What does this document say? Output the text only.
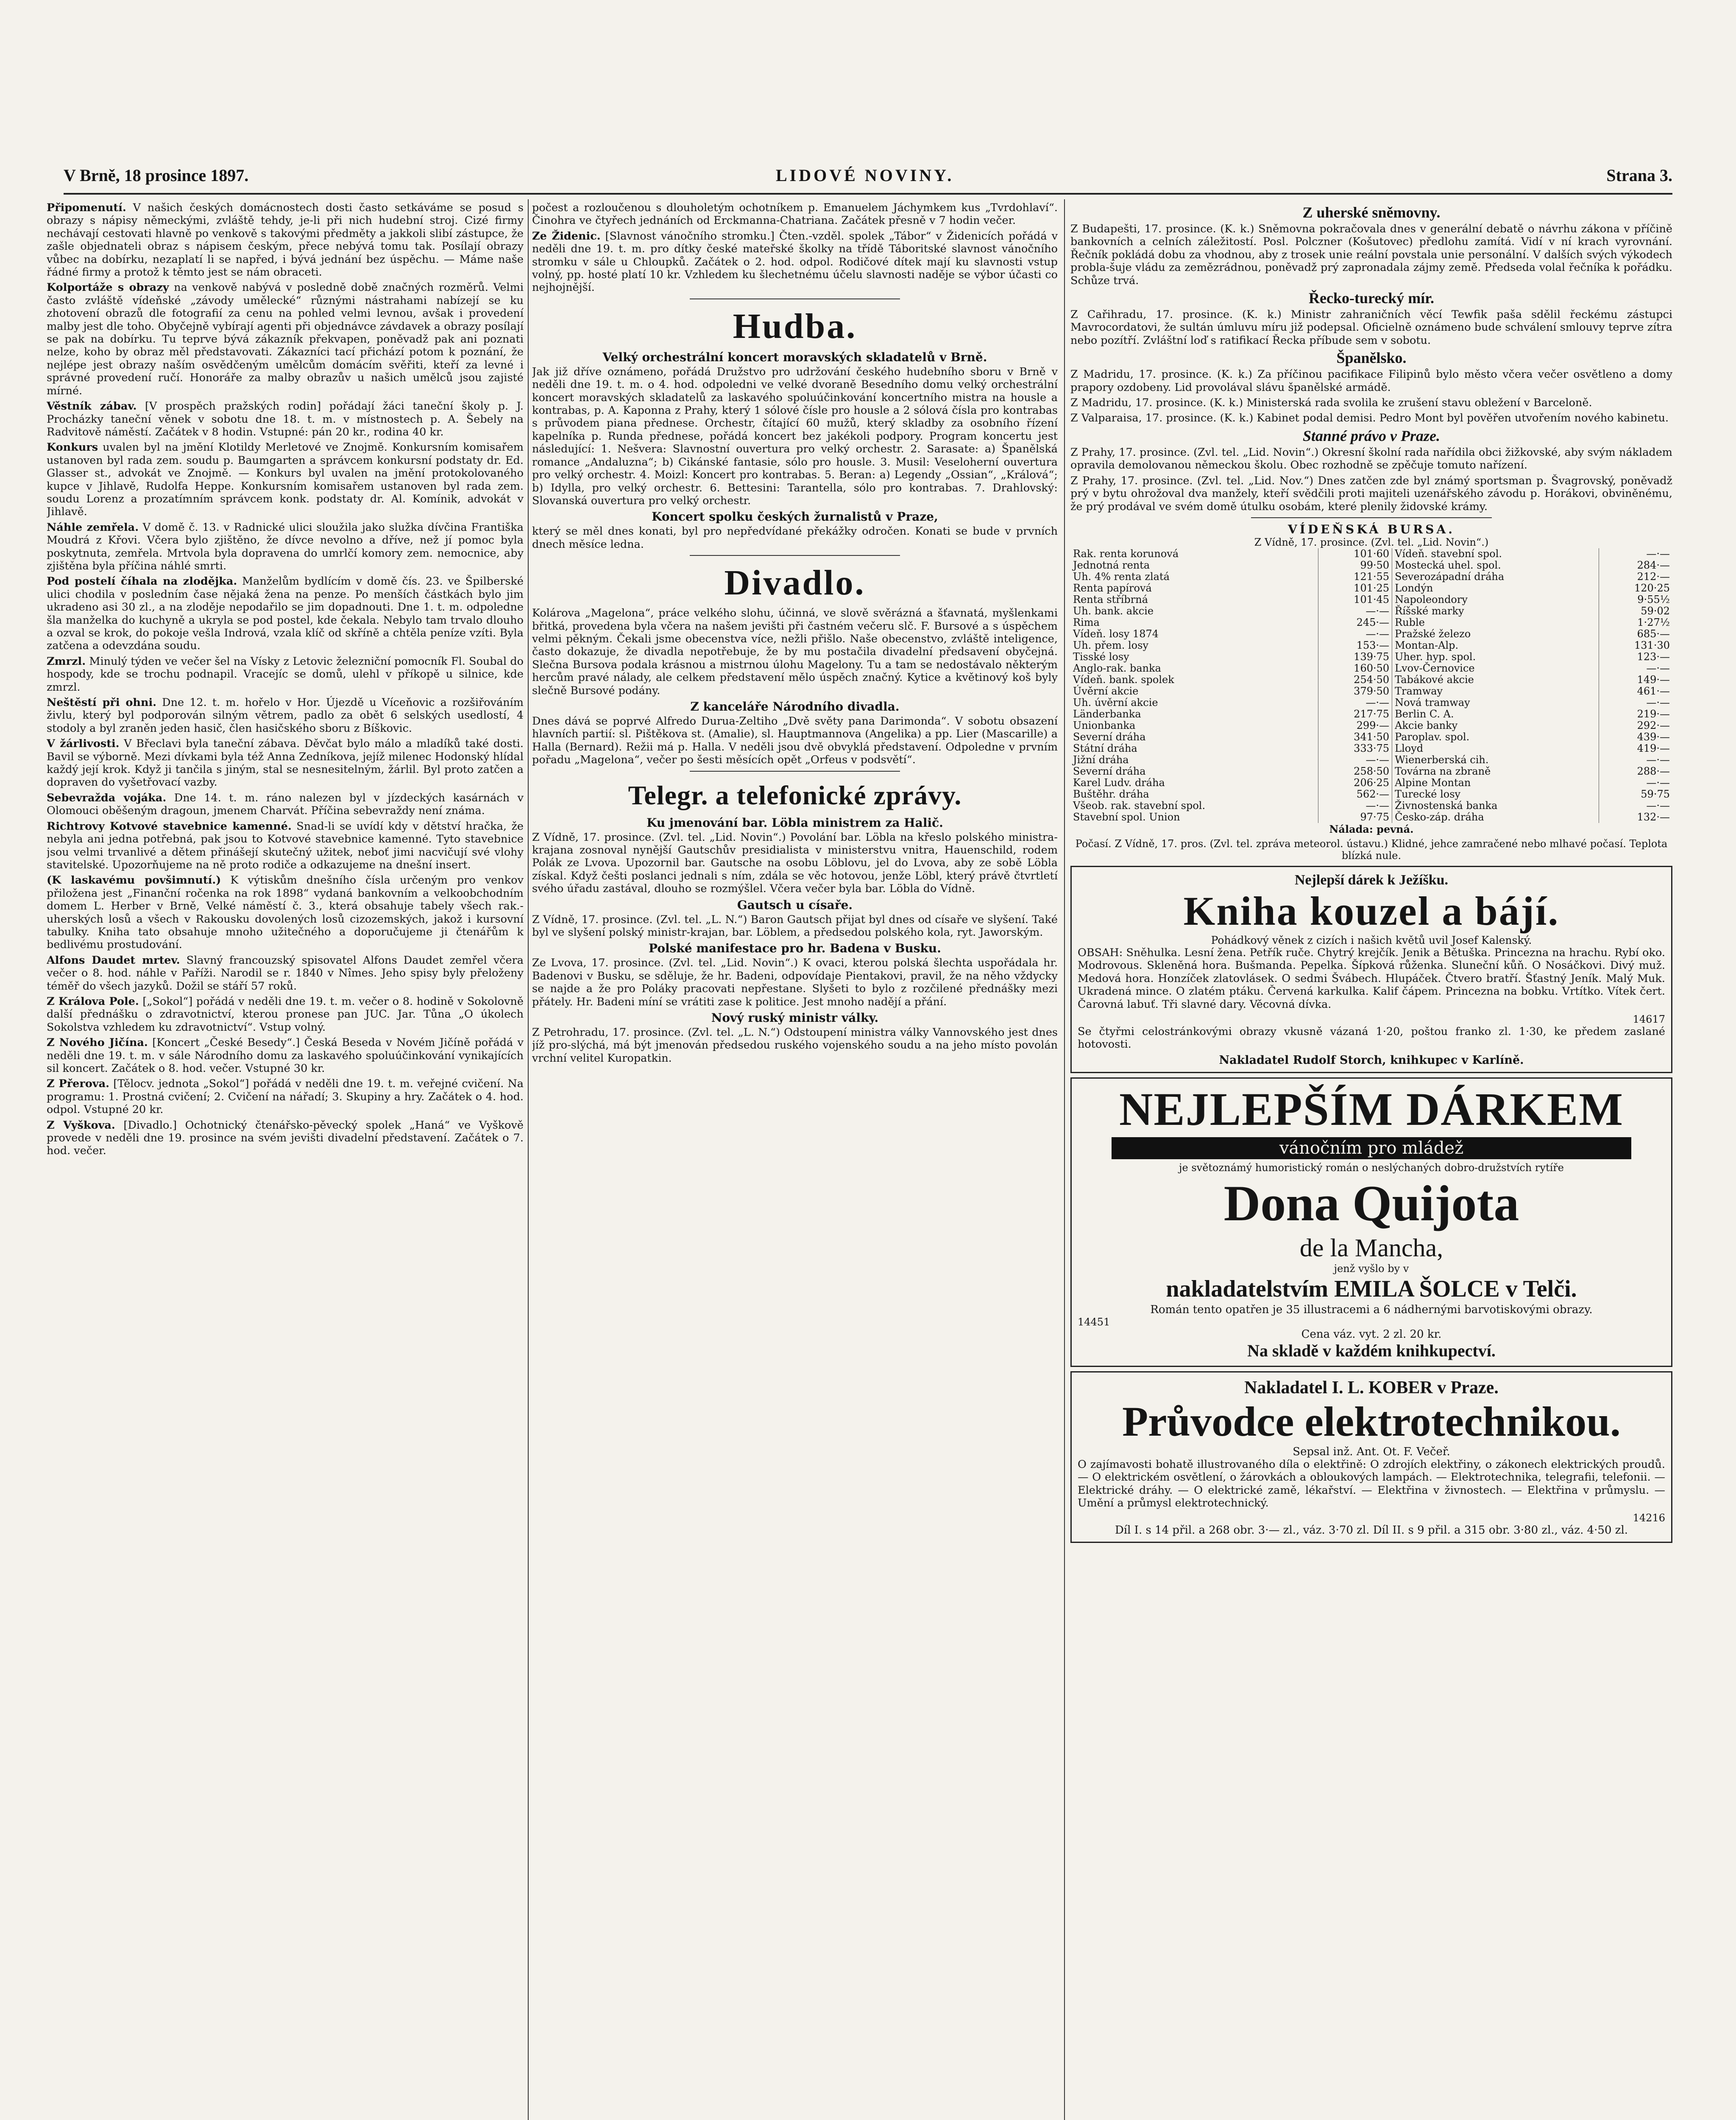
V Brně, 18 prosince 1897.	LIDOVÉ NOVINY.	Strana 3.

Připomenutí. V našich českých domácnostech dosti často setkáváme se posud s obrazy s nápisy německými, zvláště tehdy, je-li při nich hudební stroj. Cizé firmy nechávají cestovati hlavně po venkově s takovými předměty a jakkoli slibí zástupce, že zašle objednateli obraz s nápisem českým, přece nebývá tomu tak. Posílají obrazy vůbec na dobírku, nezaplatí li se napřed, i bývá jednání bez úspěchu. — Máme naše řádné firmy a protož k těmto jest se nám obraceti.

Kolportáže s obrazy na venkově nabývá v posledně době značných rozměrů. Velmi často zvláště vídeňské „závody umělecké“ různými nástrahami nabízejí se ku zhotovení obrazů dle fotografií za cenu na pohled velmi levnou, avšak i provedení malby jest dle toho. Obyčejně vybírají agenti při objednávce závdavek a obrazy posílají se pak na dobírku. Tu teprve bývá zákazník překvapen, poněvadž pak ani poznati nelze, koho by obraz měl představovati. Zákazníci tací přichází potom k poznání, že nejlépe jest obrazy naším osvědčeným umělcům domácím svěřiti, kteří za levné i správné provedení ručí. Honoráře za malby obrazův u našich umělců jsou zajisté mírné.

Věstník zábav. [V prospěch pražských rodin] pořádají žáci taneční školy p. J. Procházky taneční věnek v sobotu dne 18. t. m. v místnostech p. A. Šebely na Radvitově náměstí. Začátek v 8 hodin. Vstupné: pán 20 kr., rodina 40 kr.

Konkurs uvalen byl na jmění Klotildy Merletové ve Znojmě. Konkursním komisařem ustanoven byl rada zem. soudu p. Baumgarten a správcem konkursní podstaty dr. Ed. Glasser st., advokát ve Znojmě. — Konkurs byl uvalen na jmění protokolovaného kupce v Jihlavě, Rudolfa Heppe. Konkursním komisařem ustanoven byl rada zem. soudu Lorenz a prozatímním správcem konk. podstaty dr. Al. Komínik, advokát v Jihlavě.

Náhle zemřela. V domě č. 13. v Radnické ulici sloužila jako služka dívčina Františka Moudrá z Křovi. Včera bylo zjištěno, že dívce nevolno a dříve, než jí pomoc byla poskytnuta, zemřela. Mrtvola byla dopravena do umrlčí komory zem. nemocnice, aby zjištěna byla příčina náhlé smrti.

Pod postelí číhala na zlodějka. Manželům bydlícím v domě čís. 23. ve Špilberské ulici chodila v posledním čase nějaká žena na penze. Po menších částkách bylo jim ukradeno asi 30 zl., a na zloděje nepodařilo se jim dopadnouti. Dne 1. t. m. odpoledne šla manželka do kuchyně a ukryla se pod postel, kde čekala. Nebylo tam trvalo dlouho a ozval se krok, do pokoje vešla Indrová, vzala klíč od skříně a chtěla peníze vzíti. Byla zatčena a odevzdána soudu.

Zmrzl. Minulý týden ve večer šel na Vísky z Letovic železniční pomocník Fl. Soubal do hospody, kde se trochu podnapil. Vracejíc se domů, ulehl v příkopě u silnice, kde zmrzl.

Neštěstí při ohni. Dne 12. t. m. hořelo v Hor. Újezdě u Víceňovic a rozšiřováním živlu, který byl podporován silným větrem, padlo za obět 6 selských usedlostí, 4 stodoly a byl zraněn jeden hasič, člen hasičského sboru z Bíškovic.

V žárlivosti. V Břeclavi byla taneční zábava. Děvčat bylo málo a mladíků také dosti. Bavil se výborně. Mezi dívkami byla též Anna Zedníkova, jejíž milenec Hodonský hlídal každý její krok. Když ji tančila s jiným, stal se nesnesitelným, žárlil. Byl proto zatčen a dopraven do vyšetřovací vazby.

Sebevražda vojáka. Dne 14. t. m. ráno nalezen byl v jízdeckých kasárnách v Olomouci oběšeným dragoun, jmenem Charvát. Příčina sebevraždy není známa.

Richtrovy Kotvové stavebnice kamenné. Snad-li se uvídí kdy v dětství hračka, že nebyla ani jedna potřebná, pak jsou to Kotvové stavebnice kamenné. Tyto stavebnice jsou velmi trvanlivé a dětem přinášejí skutečný užitek, neboť jimi nacvičují své vlohy stavitelské. Upozorňujeme na ně proto rodiče a odkazujeme na dnešní insert.

(K laskavému povšimnutí.) K výtiskům dnešního čísla určeným pro venkov přiložena jest „Finanční ročenka na rok 1898“ vydaná bankovním a velkoobchodním domem L. Herber v Brně, Velké náměstí č. 3., která obsahuje tabely všech rak.-uherských losů a všech v Rakousku dovolených losů cizozemských, jakož i kursovní tabulky. Kniha tato obsahuje mnoho užitečného a doporučujeme ji čtenářům k bedlivému prostudování.

Alfons Daudet mrtev. Slavný francouzský spisovatel Alfons Daudet zemřel včera večer o 8. hod. náhle v Paříži. Narodil se r. 1840 v Nîmes. Jeho spisy byly přeloženy téměř do všech jazyků. Dožil se stáří 57 roků.

Z Králova Pole. [„Sokol“] pořádá v neděli dne 19. t. m. večer o 8. hodině v Sokolovně další přednášku o zdravotnictví, kterou pronese pan JUC. Jar. Tůna „O úkolech Sokolstva vzhledem ku zdravotnictví“. Vstup volný.

Z Nového Jičína. [Koncert „České Besedy“.] Česká Beseda v Novém Jičíně pořádá v neděli dne 19. t. m. v sále Národního domu za laskavého spoluúčinkování vynikajících sil koncert. Začátek o 8. hod. večer. Vstupné 30 kr.

Z Přerova. [Tělocv. jednota „Sokol“] pořádá v neděli dne 19. t. m. veřejné cvičení. Na programu: 1. Prostná cvičení; 2. Cvičení na nářadí; 3. Skupiny a hry. Začátek o 4. hod. odpol. Vstupné 20 kr.

Z Vyškova. [Divadlo.] Ochotnický čtenářsko-pěvecký spolek „Haná“ ve Vyškově provede v neděli dne 19. prosince na svém jevišti divadelní představení. Začátek o 7. hod. večer.

počest a rozloučenou s dlouholetým ochotníkem p. Emanuelem Jáchymkem kus „Tvrdohlaví“. Činohra ve čtyřech jednáních od Erckmanna-Chatriana. Začátek přesně v 7 hodin večer.

Ze Židenic. [Slavnost vánočního stromku.] Čten.-vzděl. spolek „Tábor“ v Židenicích pořádá v neděli dne 19. t. m. pro dítky české mateřské školky na třídě Táboritské slavnost vánočního stromku v sále u Chloupků. Začátek o 2. hod. odpol. Rodičové dítek mají ku slavnosti vstup volný, pp. hosté platí 10 kr. Vzhledem ku šlechetnému účelu slavnosti naděje se výbor účasti co nejhojnější.

Hudba.
Velký orchestrální koncert moravských skladatelů v Brně.

Jak již dříve oznámeno, pořádá Družstvo pro udržování českého hudebního sboru v Brně v neděli dne 19. t. m. o 4. hod. odpoledni ve velké dvoraně Besedního domu velký orchestrální koncert moravských skladatelů za laskavého spoluúčinkování koncertního mistra na housle a kontrabas, p. A. Kaponna z Prahy, který 1 sólové čísle pro housle a 2 sólová čísla pro kontrabas s průvodem piana přednese. Orchestr, čítající 60 mužů, který skladby za osobního řízení kapelníka p. Runda přednese, pořádá koncert bez jakékoli podpory. Program koncertu jest následující: 1. Nešvera: Slavnostní ouvertura pro velký orchestr. 2. Sarasate: a) Španělská romance „Andaluzna“; b) Cikánské fantasie, sólo pro housle. 3. Musil: Veseloherní ouvertura pro velký orchestr. 4. Moizl: Koncert pro kontrabas. 5. Beran: a) Legendy „Ossian“, „Králová“; b) Idylla, pro velký orchestr. 6. Bettesini: Tarantella, sólo pro kontrabas. 7. Drahlovský: Slovanská ouvertura pro velký orchestr.

Koncert spolku českých žurnalistů v Praze,

který se měl dnes konati, byl pro nepředvídané překážky odročen. Konati se bude v prvních dnech měsíce ledna.

Divadlo.

Kolárova „Magelona“, práce velkého slohu, účinná, ve slově svěrázná a šťavnatá, myšlenkami břitká, provedena byla včera na našem jevišti při častném večeru slč. F. Bursové a s úspěchem velmi pěkným. Čekali jsme obecenstva více, nežli přišlo. Naše obecenstvo, zvláště inteligence, často dokazuje, že divadla nepotřebuje, že by mu postačila divadelní předsavení obyčejná. Slečna Bursova podala krásnou a mistrnou úlohu Magelony. Tu a tam se nedostávalo některým hercům pravé nálady, ale celkem představení mělo úspěch značný. Kytice a květinový koš byly slečně Bursové podány.

Z kanceláře Národního divadla.

Dnes dává se poprvé Alfredo Durua-Zeltiho „Dvě světy pana Darimonda“. V sobotu obsazení hlavních partií: sl. Pištěkova st. (Amalie), sl. Hauptmannova (Angelika) a pp. Lier (Mascarille) a Halla (Bernard). Režii má p. Halla. V neděli jsou dvě obvyklá představení. Odpoledne v prvním pořadu „Magelona“, večer po šesti měsících opět „Orfeus v podsvětí“.

Telegr. a telefonické zprávy.
Ku jmenování bar. Löbla ministrem za Halič.

Z Vídně, 17. prosince. (Zvl. tel. „Lid. Novin“.) Povolání bar. Löbla na křeslo polského ministra-krajana zosnoval nynější Gautschův presidialista v ministerstvu vnitra, Hauenschild, rodem Polák ze Lvova. Upozornil bar. Gautsche na osobu Löblovu, jel do Lvova, aby ze sobě Löbla získal. Když češti poslanci jednali s ním, zdála se věc hotovou, jenže Löbl, který právě čtvrtletí svého úřadu zastával, dlouho se rozmýšlel. Včera večer byla bar. Löbla do Vídně.

Gautsch u císaře.

Z Vídně, 17. prosince. (Zvl. tel. „L. N.“) Baron Gautsch přijat byl dnes od císaře ve slyšení. Také byl ve slyšení polský ministr-krajan, bar. Löblem, a předsedou polského kola, ryt. Jaworským.

Polské manifestace pro hr. Badena v Busku.

Ze Lvova, 17. prosince. (Zvl. tel. „Lid. Novin“.) K ovaci, kterou polská šlechta uspořádala hr. Badenovi v Busku, se sděluje, že hr. Badeni, odpovídaje Pientakovi, pravil, že na něho vždycky se najde a že pro Poláky pracovati nepřestane. Slyšeti to bylo z rozčilené přednášky mezi přátely. Hr. Badeni míní se vrátiti zase k politice. Jest mnoho nadějí a přání.

Nový ruský ministr války.

Z Petrohradu, 17. prosince. (Zvl. tel. „L. N.“) Odstoupení ministra války Vannovského jest dnes jíž pro-slýchá, má být jmenován předsedou ruského vojenského soudu a na jeho místo povolán vrchní velitel Kuropatkin.

Z uherské sněmovny.

Z Budapešti, 17. prosince. (K. k.) Sněmovna pokračovala dnes v generální debatě o návrhu zákona v příčině bankovních a celních záležitostí. Posl. Polczner (Košutovec) předlohu zamítá. Vidí v ní krach vyrovnání. Řečník pokládá dobu za vhodnou, aby z trosek unie reální povstala unie personální. V dalších svých výkodech probla-šuje vládu za zemězrádnou, poněvadž prý zapronadala zájmy země. Předseda volal řečníka k pořádku. Schůze trvá.

Řecko-turecký mír.

Z Cařihradu, 17. prosince. (K. k.) Ministr zahraničních věcí Tewfik paša sdělil řeckému zástupci Mavrocordatovi, že sultán úmluvu míru již podepsal. Oficielně oznámeno bude schválení smlouvy teprve zítra nebo pozítří. Zvláštní loď s ratifikací Řecka příbude sem v sobotu.

Španělsko.

Z Madridu, 17. prosince. (K. k.) Za příčinou pacifikace Filipinů bylo město včera večer osvětleno a domy prapory ozdobeny. Lid provolával slávu španělské armádě.

Z Madridu, 17. prosince. (K. k.) Ministerská rada svolila ke zrušení stavu obležení v Barceloně.

Z Valparaisa, 17. prosince. (K. k.) Kabinet podal demisi. Pedro Mont byl pověřen utvořením nového kabinetu.

Stanné právo v Praze.

Z Prahy, 17. prosince. (Zvl. tel. „Lid. Novin“.) Okresní školní rada nařídila obci žižkovské, aby svým nákladem opravila demolovanou německou školu. Obec rozhodně se zpěčuje tomuto nařízení.

Z Prahy, 17. prosince. (Zvl. tel. „Lid. Nov.“) Dnes zatčen zde byl známý sportsman p. Švagrovský, poněvadž prý v bytu ohrožoval dva manžely, kteří svědčili proti majiteli uzenářského závodu p. Horákovi, obviněnému, že prý prodával ve svém domě útulku osobám, které plenily židovské krámy.

VÍDEŇSKÁ BURSA.
Z Vídně, 17. prosince. (Zvl. tel. „Lid. Novin“.)
Rak. renta korunová	101·60	Vídeň. stavební spol.	—·—
Jednotná renta	99·50	Mostecká uhel. spol.	284·—
Uh. 4% renta zlatá	121·55	Severozápadní dráha	212·—
Renta papírová	101·25	Londýn	120·25
Renta stříbrná	101·45	Napoleondory	9·55½
Uh. bank. akcie	—·—	Říšské marky	59·02
Rima	245·—	Ruble	1·27½
Vídeň. losy 1874	—·—	Pražské železo	685·—
Uh. přem. losy	153·—	Montan-Alp.	131·30
Tisské losy	139·75	Uher. hyp. spol.	123·—
Anglo-rak. banka	160·50	Lvov-Černovice	—·—
Vídeň. bank. spolek	254·50	Tabákové akcie	149·—
Úvěrní akcie	379·50	Tramway	461·—
Uh. úvěrní akcie	—·—	Nová tramway	—·—
Länderbanka	217·75	Berlin C. A.	219·—
Unionbanka	299·—	Akcie banky	292·—
Severní dráha	341·50	Paroplav. spol.	439·—
Státní dráha	333·75	Lloyd	419·—
Jižní dráha	—·—	Wienerberská cih.	—·—
Severní dráha	258·50	Továrna na zbraně	288·—
Karel Ludv. dráha	206·25	Alpine Montan	—·—
Buštěhr. dráha	562·—	Turecké losy	59·75
Všeob. rak. stavební spol.	—·—	Živnostenská banka	—·—
Stavební spol. Union	97·75	Česko-záp. dráha	132·—
Nálada: pevná.

Počasí. Z Vídně, 17. pros. (Zvl. tel. zpráva meteorol. ústavu.) Klidné, jehce zamračené nebo mlhavé počasí. Teplota blízká nule.

Nejlepší dárek k Ježíšku.
Kniha kouzel a bájí.
Pohádkový věnek z cizích i našich květů uvil Josef Kalenský.

OBSAH: Sněhulka. Lesní žena. Petřík ruče. Chytrý krejčík. Jenik a Bětuška. Princezna na hrachu. Rybí oko. Modrovous. Skleněná hora. Bušmanda. Pepelka. Šípková růženka. Sluneční kůň. O Nosáčkovi. Divý muž. Medová hora. Honzíček zlatovlásek. O sedmi Švábech. Hlupáček. Čtvero bratří. Šťastný Jeník. Malý Muk. Ukradená mince. O zlatém ptáku. Červená karkulka. Kalif čápem. Princezna na bobku. Vrtítko. Vítek čert. Čarovná labuť. Tři slavné dary. Věcovná dívka.

14617

Se čtyřmi celostránkovými obrazy vkusně vázaná 1·20, poštou franko zl. 1·30, ke předem zaslané hotovosti.

Nakladatel Rudolf Storch, knihkupec v Karlíně.
NEJLEPŠÍM DÁRKEM
vánočním pro mládež
je světoznámý humoristický román o neslýchaných dobro-družstvích rytíře
Dona Quijota
de la Mancha,
jenž vyšlo by v
nakladatelstvím EMILA ŠOLCE v Telči.
Román tento opatřen je 35 illustracemi a 6 nádhernými barvotiskovými obrazy.
14451
Cena váz. vyt. 2 zl. 20 kr.
Na skladě v každém knihkupectví.
Nakladatel I. L. KOBER v Praze.
Průvodce elektrotechnikou.
Sepsal inž. Ant. Ot. F. Večeř.

O zajímavosti bohatě illustrovaného díla o elektřině: O zdrojích elektřiny, o zákonech elektrických proudů. — O elektrickém osvětlení, o žárovkách a obloukových lampách. — Elektrotechnika, telegrafii, telefonii. — Elektrické dráhy. — O elektrické zamě, lékařství. — Elektřina v živnostech. — Elektřina v průmyslu. — Umění a průmysl elektrotechnický.

14216
Díl I. s 14 přil. a 268 obr. 3·— zl., váz. 3·70 zl. Díl II. s 9 přil. a 315 obr. 3·80 zl., váz. 4·50 zl.
